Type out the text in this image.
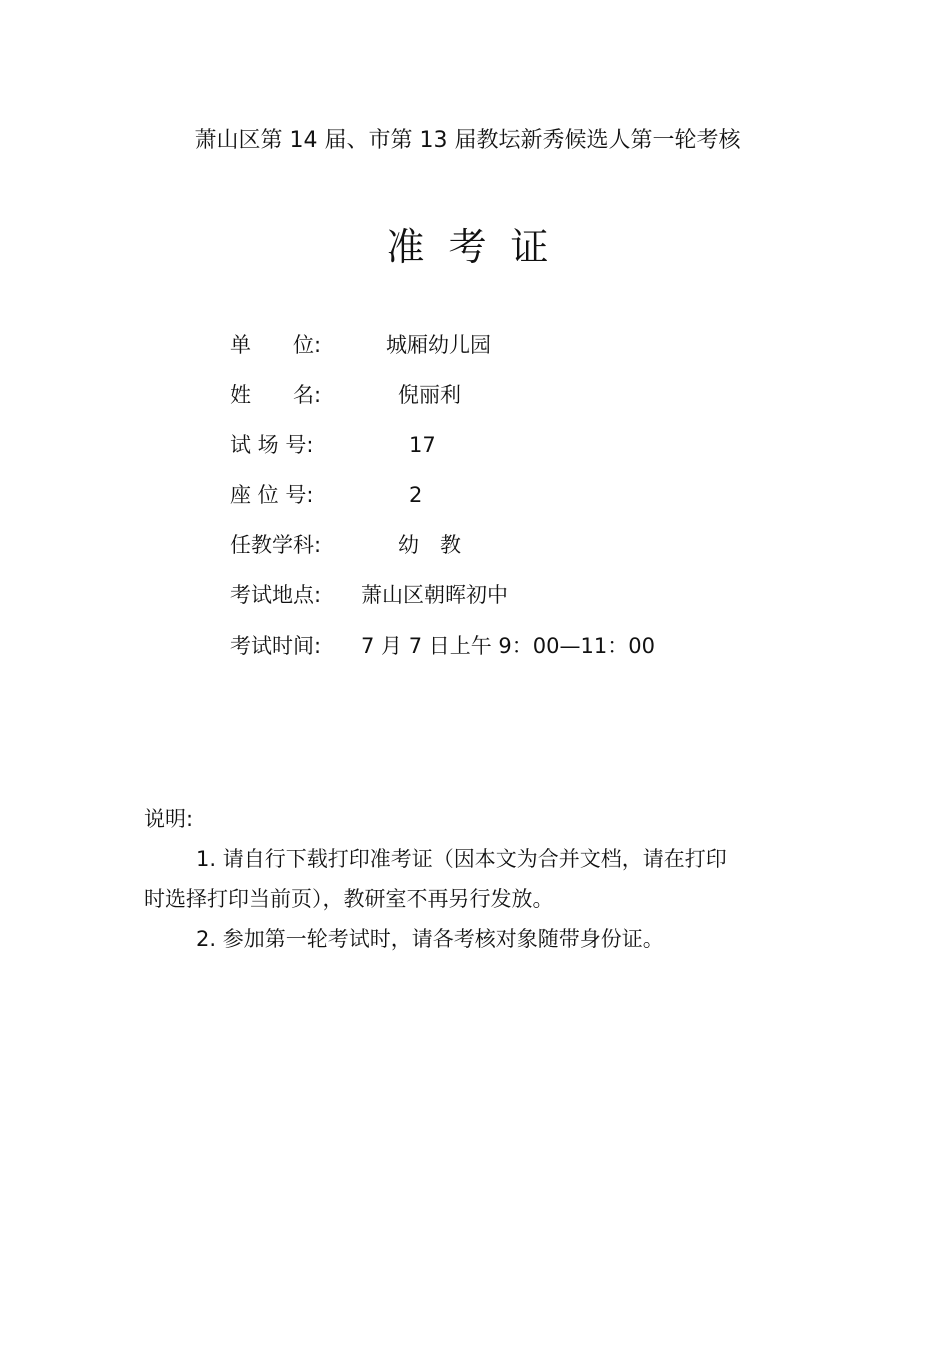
萧山区第 14 届、市第 13 届教坛新秀候选人第一轮考核
准考证
单　　位:	城厢幼儿园
姓　　名:	倪丽利
试 场 号:	17
座 位 号:	2
任教学科:	幼　教
考试地点: 萧山区朝晖初中
考试时间: 7 月 7 日上午 9：00—11：00
说明:
1. 请自行下载打印准考证（因本文为合并文档，请在打印
时选择打印当前页），教研室不再另行发放。
2. 参加第一轮考试时，请各考核对象随带身份证。
